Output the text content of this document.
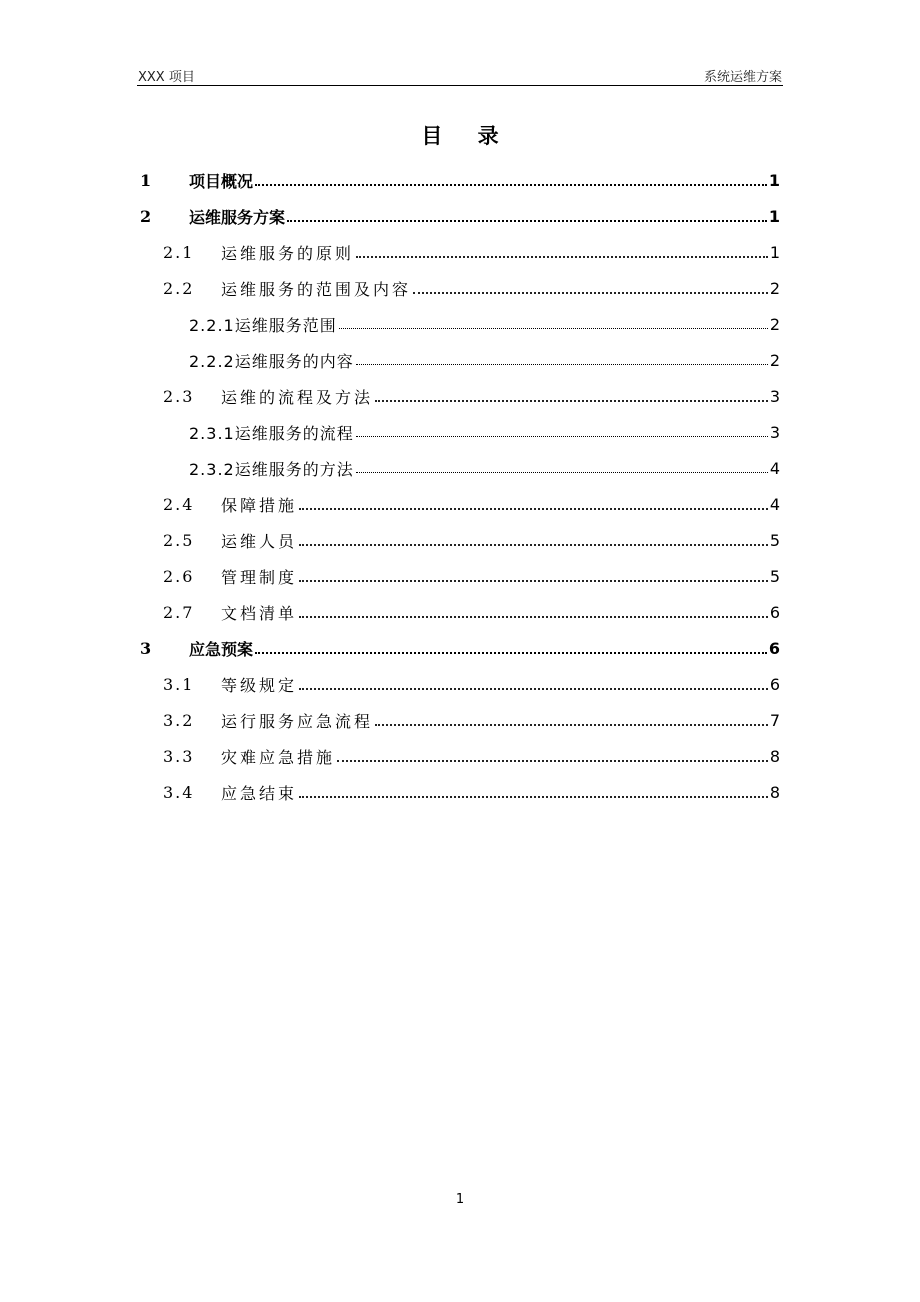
XXX 项目	系统运维方案
目 录
1 项目概况	1
2 运维服务方案	1
2.1 运维服务的原则	1
2.2 运维服务的范围及内容	2
2.2.1运维服务范围	2
2.2.2运维服务的内容	2
2.3 运维的流程及方法	3
2.3.1运维服务的流程	3
2.3.2运维服务的方法	4
2.4 保障措施	4
2.5 运维人员	5
2.6 管理制度	5
2.7 文档清单	6
3 应急预案	6
3.1 等级规定	6
3.2 运行服务应急流程	7
3.3 灾难应急措施	8
3.4 应急结束	8
1
